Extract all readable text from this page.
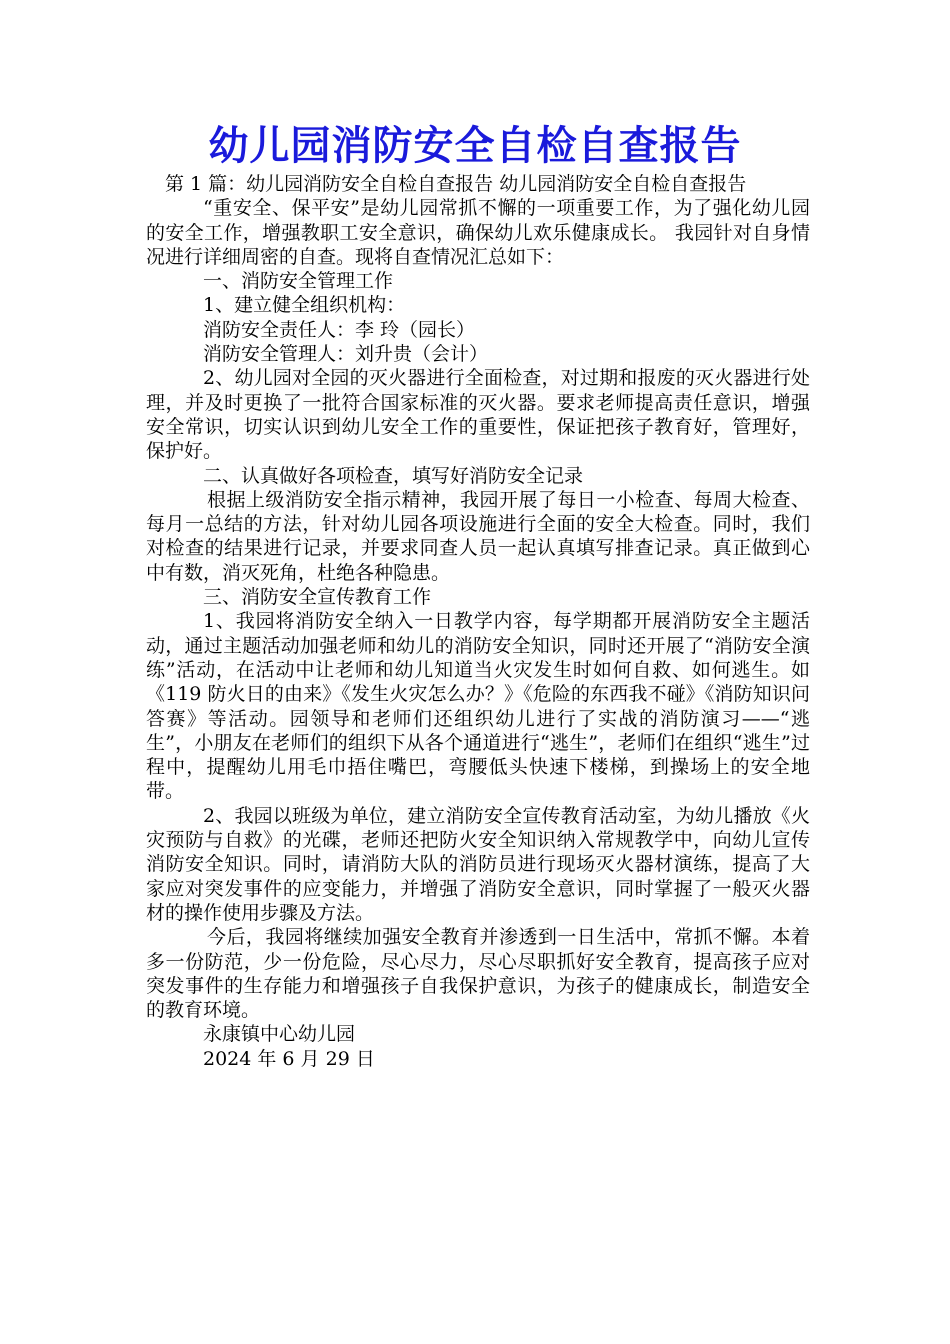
幼儿园消防安全自检自查报告

第 1 篇：幼儿园消防安全自检自查报告 幼儿园消防安全自检自查报告

“重安全、保平安”是幼儿园常抓不懈的一项重要工作，为了强化幼儿园的安全工作，增强教职工安全意识，确保幼儿欢乐健康成长。 我园针对自身情况进行详细周密的自查。现将自查情况汇总如下：

一、消防安全管理工作

1、建立健全组织机构：

消防安全责任人：李 玲（园长）

消防安全管理人：刘升贵（会计）

2、幼儿园对全园的灭火器进行全面检查，对过期和报废的灭火器进行处理，并及时更换了一批符合国家标准的灭火器。要求老师提高责任意识，增强安全常识，切实认识到幼儿安全工作的重要性，保证把孩子教育好，管理好，保护好。

二、认真做好各项检查，填写好消防安全记录

根据上级消防安全指示精神，我园开展了每日一小检查、每周大检查、每月一总结的方法，针对幼儿园各项设施进行全面的安全大检查。同时，我们对检查的结果进行记录，并要求同查人员一起认真填写排查记录。真正做到心中有数，消灭死角，杜绝各种隐患。

三、消防安全宣传教育工作

1、我园将消防安全纳入一日教学内容，每学期都开展消防安全主题活动，通过主题活动加强老师和幼儿的消防安全知识，同时还开展了“消防安全演练”活动，在活动中让老师和幼儿知道当火灾发生时如何自救、如何逃生。如《119 防火日的由来》《发生火灾怎么办？》《危险的东西我不碰》《消防知识问答赛》等活动。园领导和老师们还组织幼儿进行了实战的消防演习——“逃生”，小朋友在老师们的组织下从各个通道进行“逃生”，老师们在组织“逃生”过程中，提醒幼儿用毛巾捂住嘴巴，弯腰低头快速下楼梯，到操场上的安全地带。

2、我园以班级为单位，建立消防安全宣传教育活动室，为幼儿播放《火灾预防与自救》的光碟，老师还把防火安全知识纳入常规教学中，向幼儿宣传消防安全知识。同时，请消防大队的消防员进行现场灭火器材演练，提高了大家应对突发事件的应变能力，并增强了消防安全意识，同时掌握了一般灭火器材的操作使用步骤及方法。

今后，我园将继续加强安全教育并渗透到一日生活中，常抓不懈。本着多一份防范，少一份危险，尽心尽力，尽心尽职抓好安全教育，提高孩子应对突发事件的生存能力和增强孩子自我保护意识，为孩子的健康成长，制造安全的教育环境。

永康镇中心幼儿园

2024 年 6 月 29 日
